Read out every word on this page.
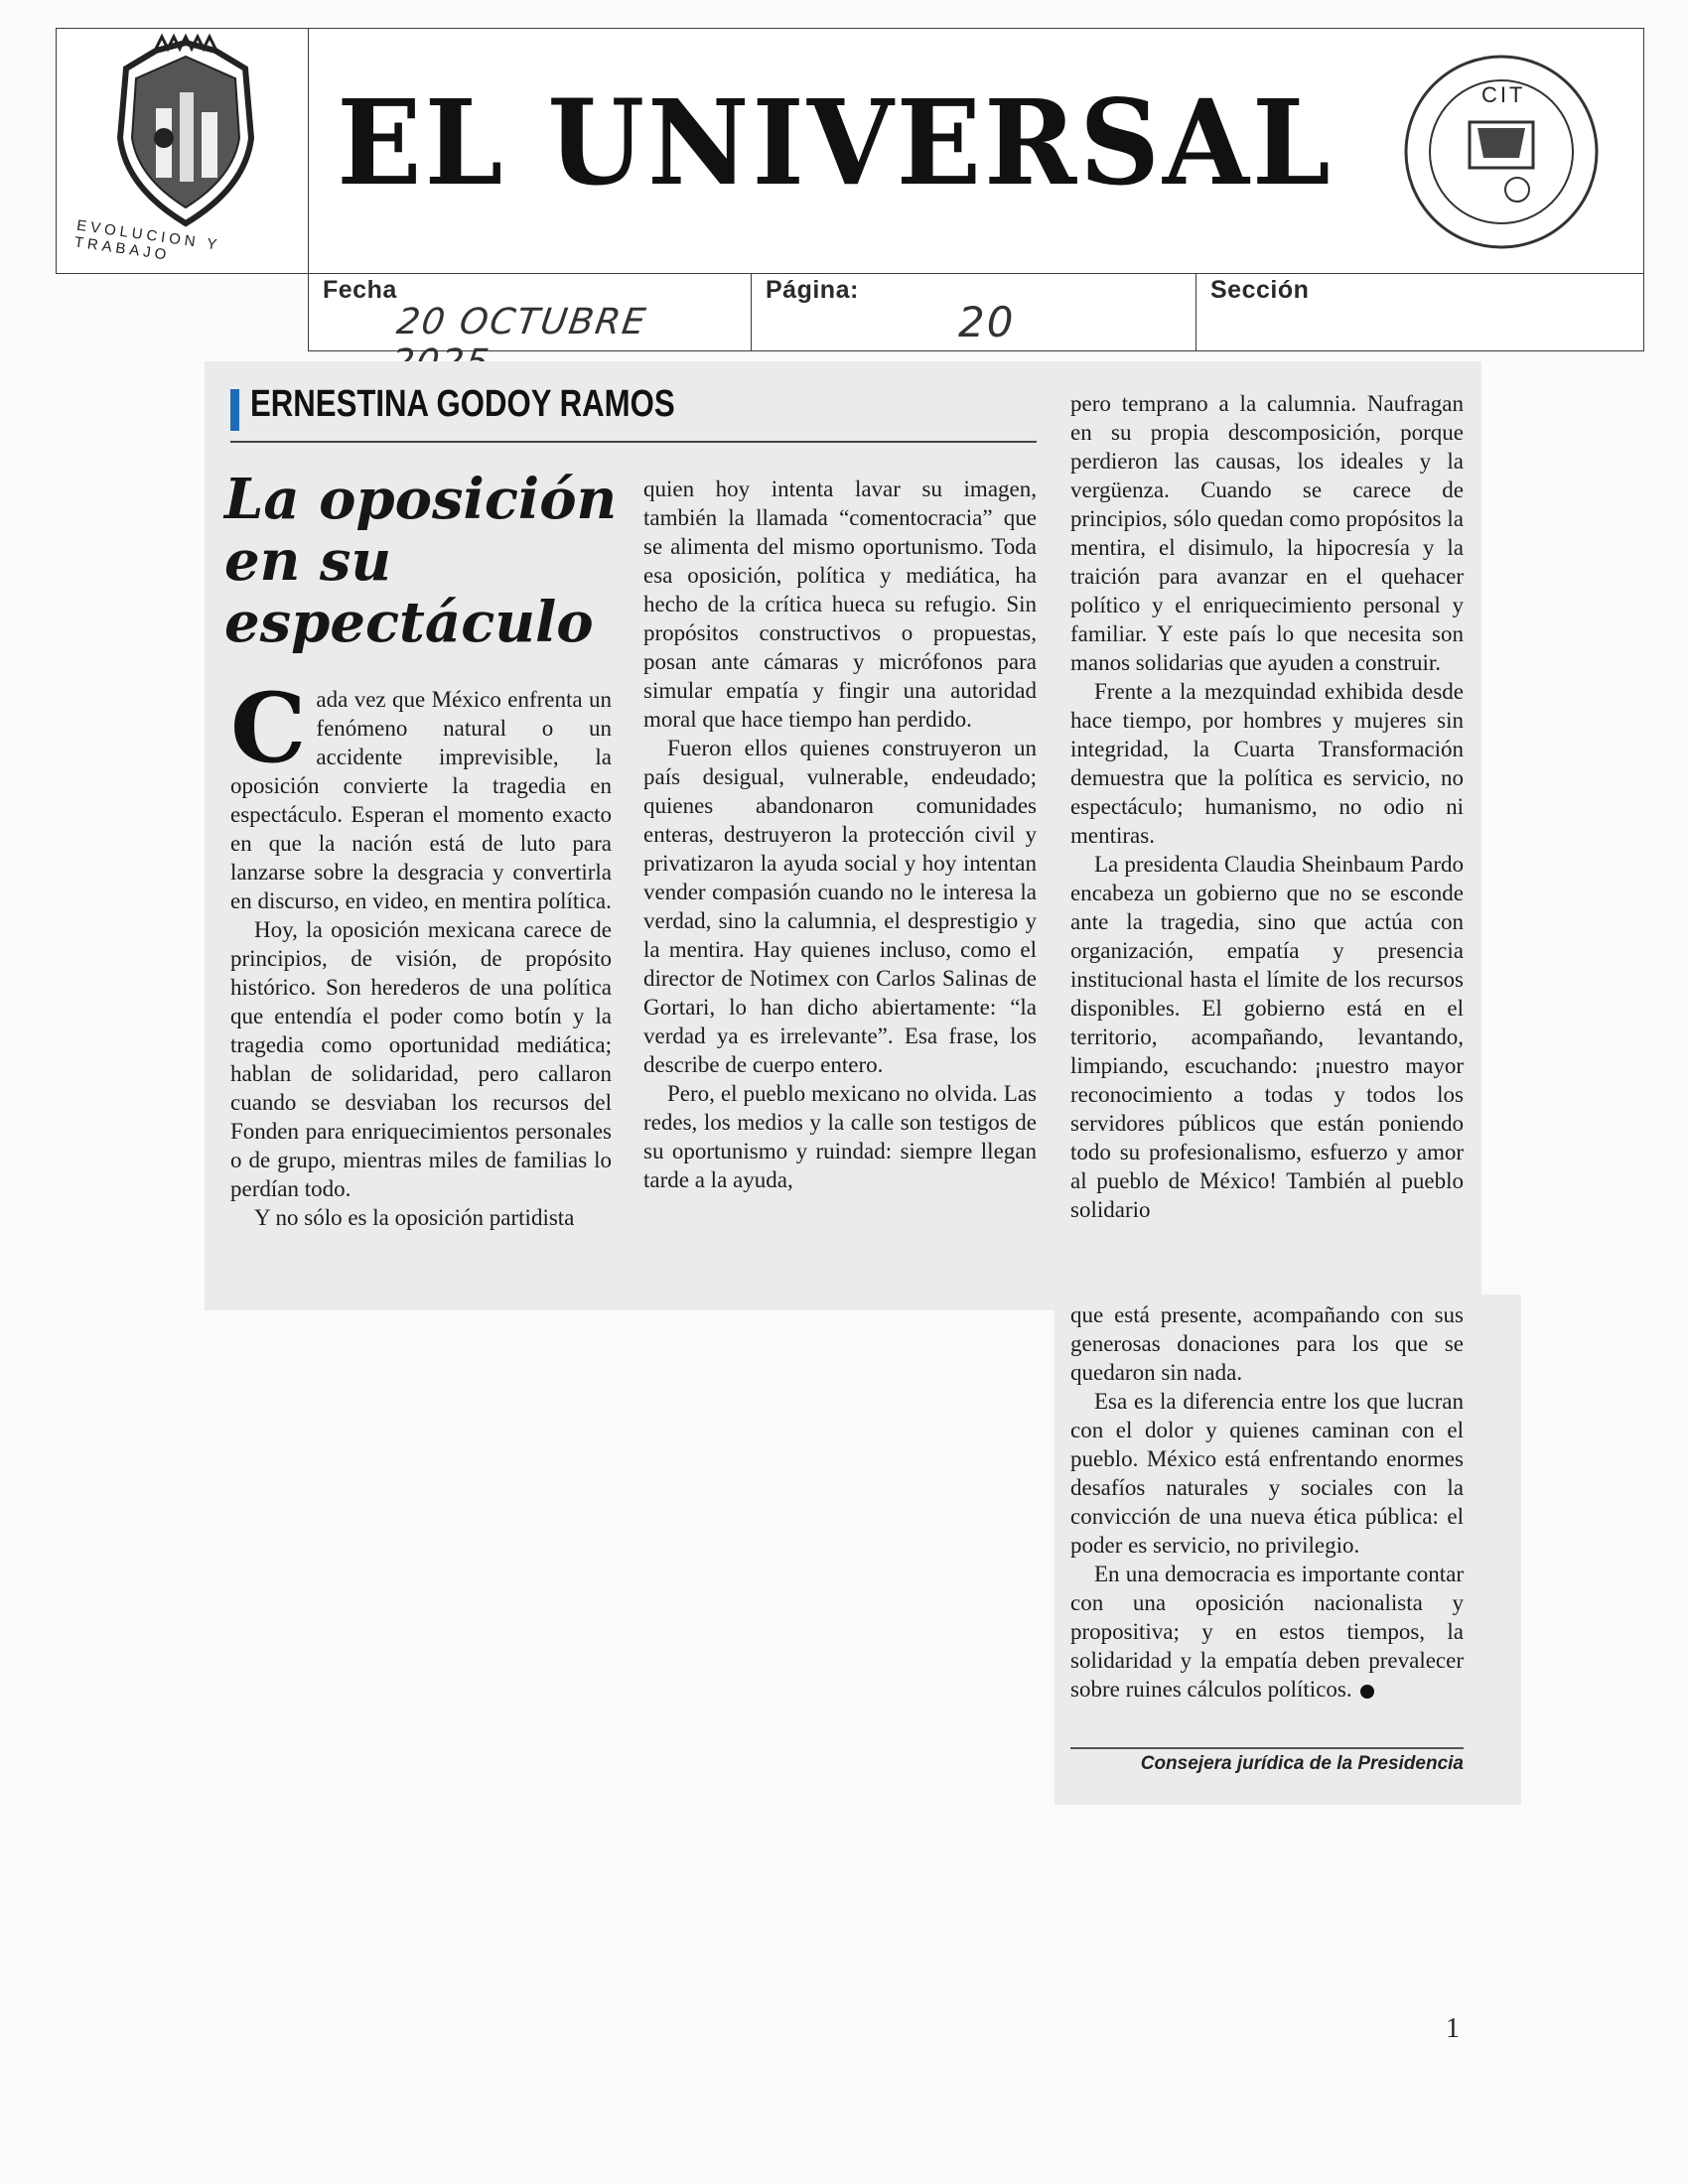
EVOLUCION Y TRABAJO
EL UNIVERSAL	CIT
Fecha
20 OCTUBRE
Página:
20
Sección
ERNESTINA GODOY RAMOS
La oposición
en su
espectáculo

Cada vez que México enfrenta un fenómeno natural o un accidente imprevisible, la oposición convierte la tragedia en espectáculo. Esperan el momento exacto en que la nación está de luto para lanzarse sobre la desgracia y convertirla en discurso, en video, en mentira política.

Hoy, la oposición mexicana carece de principios, de visión, de propósito histórico. Son herederos de una política que entendía el poder como botín y la tragedia como oportunidad mediática; hablan de solidaridad, pero callaron cuando se desviaban los recursos del Fonden para enriquecimientos personales o de grupo, mientras miles de familias lo perdían todo.

Y no sólo es la oposición partidista

quien hoy intenta lavar su imagen, también la llamada “comentocracia” que se alimenta del mismo oportunismo. Toda esa oposición, política y mediática, ha hecho de la crítica hueca su refugio. Sin propósitos constructivos o propuestas, posan ante cámaras y micrófonos para simular empatía y fingir una autoridad moral que hace tiempo han perdido.

Fueron ellos quienes construyeron un país desigual, vulnerable, endeudado; quienes abandonaron comunidades enteras, destruyeron la protección civil y privatizaron la ayuda social y hoy intentan vender compasión cuando no le interesa la verdad, sino la calumnia, el desprestigio y la mentira. Hay quienes incluso, como el director de Notimex con Carlos Salinas de Gortari, lo han dicho abiertamente: “la verdad ya es irrelevante”. Esa frase, los describe de cuerpo entero.

Pero, el pueblo mexicano no olvida. Las redes, los medios y la calle son testigos de su oportunismo y ruindad: siempre llegan tarde a la ayuda,

pero temprano a la calumnia. Naufragan en su propia descomposición, porque perdieron las causas, los ideales y la vergüenza. Cuando se carece de principios, sólo quedan como propósitos la mentira, el disimulo, la hipocresía y la traición para avanzar en el quehacer político y el enriquecimiento personal y familiar. Y este país lo que necesita son manos solidarias que ayuden a construir.

Frente a la mezquindad exhibida desde hace tiempo, por hombres y mujeres sin integridad, la Cuarta Transformación demuestra que la política es servicio, no espectáculo; humanismo, no odio ni mentiras.

La presidenta Claudia Sheinbaum Pardo encabeza un gobierno que no se esconde ante la tragedia, sino que actúa con organización, empatía y presencia institucional hasta el límite de los recursos disponibles. El gobierno está en el territorio, acompañando, levantando, limpiando, escuchando: ¡nuestro mayor reconocimiento a todas y todos los servidores públicos que están poniendo todo su profesionalismo, esfuerzo y amor al pueblo de México! También al pueblo solidario

que está presente, acompañando con sus generosas donaciones para los que se quedaron sin nada.

Esa es la diferencia entre los que lucran con el dolor y quienes caminan con el pueblo. México está enfrentando enormes desafíos naturales y sociales con la convicción de una nueva ética pública: el poder es servicio, no privilegio.

En una democracia es importante contar con una oposición nacionalista y propositiva; y en estos tiempos, la solidaridad y la empatía deben prevalecer sobre ruines cálculos políticos.

Consejera jurídica de la Presidencia
1
